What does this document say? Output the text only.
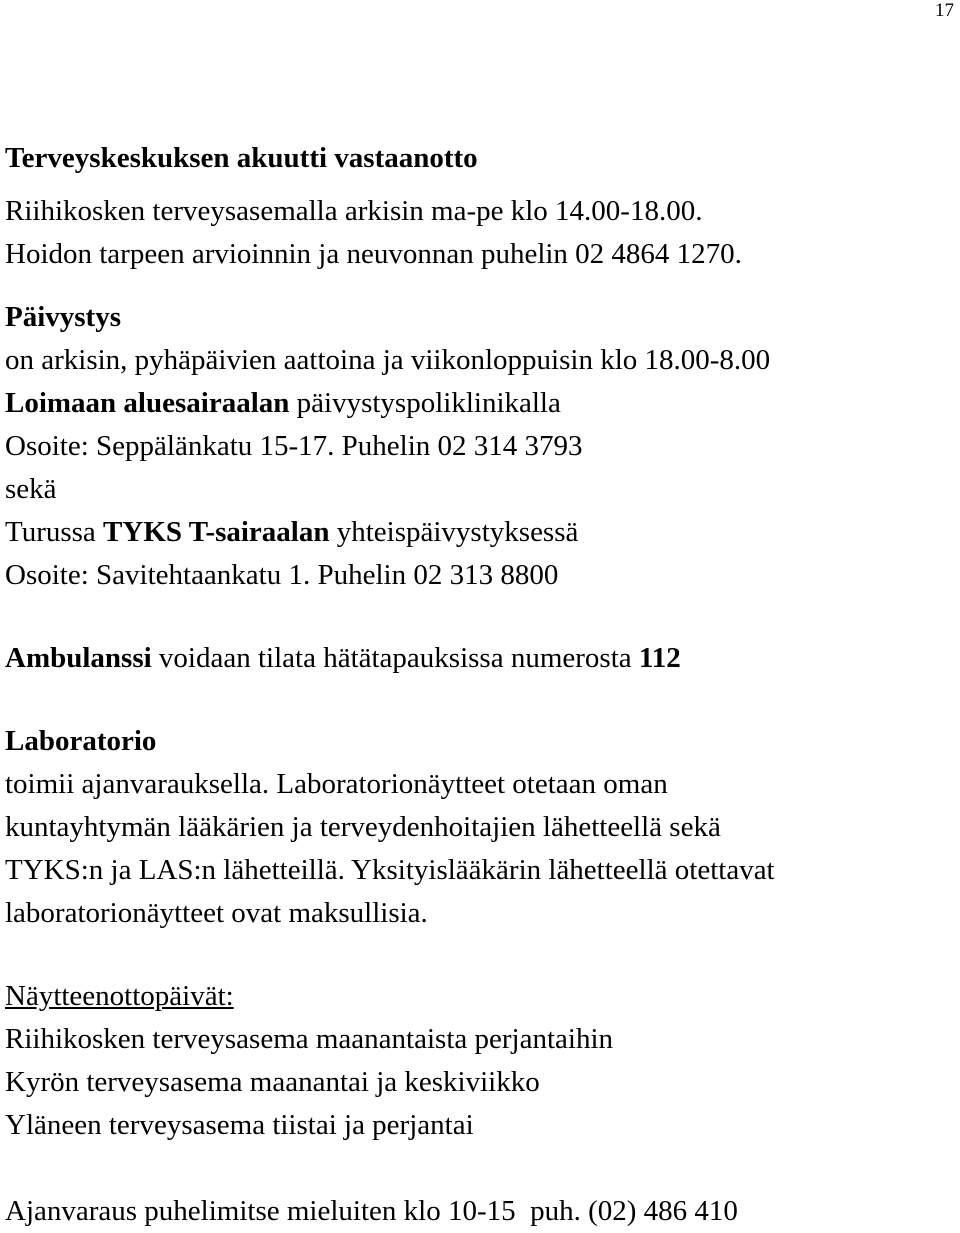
17
Terveyskeskuksen akuutti vastaanotto
Riihikosken terveysasemalla arkisin ma-pe klo 14.00-18.00.
Hoidon tarpeen arvioinnin ja neuvonnan puhelin 02 4864 1270.
Päivystys
on arkisin, pyhäpäivien aattoina ja viikonloppuisin klo 18.00-8.00
Loimaan aluesairaalan päivystyspoliklinikalla
Osoite: Seppälänkatu 15-17. Puhelin 02 314 3793
sekä
Turussa TYKS T-sairaalan yhteispäivystyksessä
Osoite: Savitehtaankatu 1. Puhelin 02 313 8800
Ambulanssi voidaan tilata hätätapauksissa numerosta 112
Laboratorio
toimii ajanvarauksella. Laboratorionäytteet otetaan oman
kuntayhtymän lääkärien ja terveydenhoitajien lähetteellä sekä
TYKS:n ja LAS:n lähetteillä. Yksityislääkärin lähetteellä otettavat
laboratorionäytteet ovat maksullisia.
Näytteenottopäivät:
Riihikosken terveysasema maanantaista perjantaihin
Kyrön terveysasema maanantai ja keskiviikko
Yläneen terveysasema tiistai ja perjantai
Ajanvaraus puhelimitse mieluiten klo 10-15  puh. (02) 486 410
